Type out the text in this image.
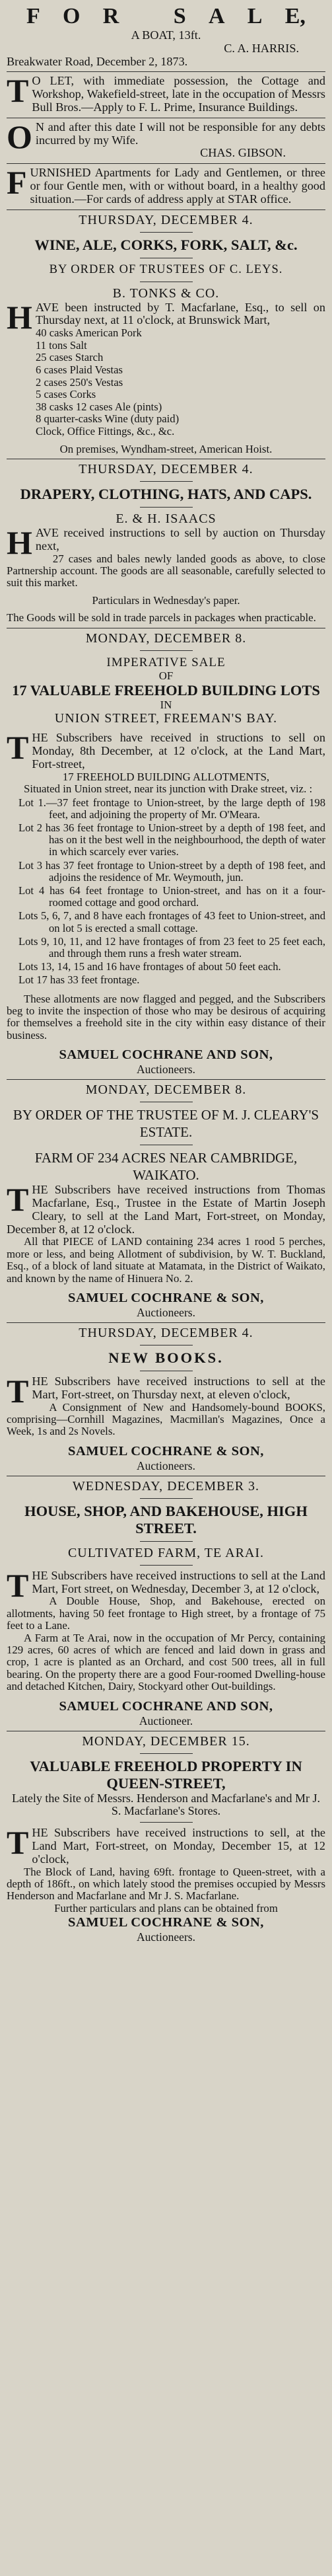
F O R S A L E,
A BOAT, 13ft.
C. A. HARRIS.
Breakwater Road, December 2, 1873.
T O LET, with immediate possession, the Cottage and Workshop, Wakefield-street, late in the occupation of Messrs Bull Bros.—Apply to F. L. Prime, Insurance Buildings.
O N and after this date I will not be responsible for any debts incurred by my Wife.
CHAS. GIBSON.
F URNISHED Apartments for Lady and Gentlemen, or three or four Gentle men, with or without board, in a healthy good situation.—For cards of address apply at STAR office.
THURSDAY, DECEMBER 4.
WINE, ALE, CORKS, FORK, SALT, &c.
BY ORDER OF TRUSTEES OF C. LEYS.
B. TONKS & CO.
H AVE been instructed by T. Macfarlane, Esq., to sell on Thursday next, at 11 o'clock, at Brunswick Mart,
40 casks American Pork
11 tons Salt
25 cases Starch
6 cases Plaid Vestas
2 cases 250's Vestas
5 cases Corks
38 casks 12 cases Ale (pints)
8 quarter-casks Wine (duty paid)
Clock, Office Fittings, &c., &c.
On premises, Wyndham-street, American Hoist.
THURSDAY, DECEMBER 4.
DRAPERY, CLOTHING, HATS, AND CAPS.
E. & H. ISAACS
H AVE received instructions to sell by auction on Thursday next,
27 cases and bales newly landed goods as above, to close Partnership account. The goods are all seasonable, carefully selected to suit this market.
Particulars in Wednesday's paper.
The Goods will be sold in trade parcels in packages when practicable.
MONDAY, DECEMBER 8.
IMPERATIVE SALE
OF
17 VALUABLE FREEHOLD BUILDING LOTS
IN
UNION STREET, FREEMAN'S BAY.
T HE Subscribers have received in structions to sell on Monday, 8th December, at 12 o'clock, at the Land Mart, Fort-street,
17 FREEHOLD BUILDING ALLOTMENTS,
Situated in Union street, near its junction with Drake street, viz. :
Lot 1.—37 feet frontage to Union-street, by the large depth of 198 feet, and adjoining the property of Mr. O'Meara.
Lot 2 has 36 feet frontage to Union-street by a depth of 198 feet, and has on it the best well in the neighbourhood, the depth of water in which scarcely ever varies.
Lot 3 has 37 feet frontage to Union-street by a depth of 198 feet, and adjoins the residence of Mr. Weymouth, jun.
Lot 4 has 64 feet frontage to Union-street, and has on it a four-roomed cottage and good orchard.
Lots 5, 6, 7, and 8 have each frontages of 43 feet to Union-street, and on lot 5 is erected a small cottage.
Lots 9, 10, 11, and 12 have frontages of from 23 feet to 25 feet each, and through them runs a fresh water stream.
Lots 13, 14, 15 and 16 have frontages of about 50 feet each.
Lot 17 has 33 feet frontage.
These allotments are now flagged and pegged, and the Subscribers beg to invite the inspection of those who may be desirous of acquiring for themselves a freehold site in the city within easy distance of their business.
SAMUEL COCHRANE AND SON,
Auctioneers.
MONDAY, DECEMBER 8.
BY ORDER OF THE TRUSTEE OF M. J. CLEARY'S ESTATE.
FARM OF 234 ACRES NEAR CAMBRIDGE, WAIKATO.
T HE Subscribers have received instructions from Thomas Macfarlane, Esq., Trustee in the Estate of Martin Joseph Cleary, to sell at the Land Mart, Fort-street, on Monday, December 8, at 12 o'clock.
All that PIECE of LAND containing 234 acres 1 rood 5 perches, more or less, and being Allotment of subdivision, by W. T. Buckland, Esq., of a block of land situate at Matamata, in the District of Waikato, and known by the name of Hinuera No. 2.
SAMUEL COCHRANE & SON,
Auctioneers.
THURSDAY, DECEMBER 4.
NEW BOOKS.
T HE Subscribers have received instructions to sell at the Mart, Fort-street, on Thursday next, at eleven o'clock,
A Consignment of New and Handsomely-bound BOOKS, comprising—Cornhill Magazines, Macmillan's Magazines, Once a Week, 1s and 2s Novels.
SAMUEL COCHRANE & SON,
Auctioneers.
WEDNESDAY, DECEMBER 3.
HOUSE, SHOP, AND BAKEHOUSE, HIGH STREET.
CULTIVATED FARM, TE ARAI.
T HE Subscribers have received instructions to sell at the Land Mart, Fort street, on Wednesday, December 3, at 12 o'clock,
A Double House, Shop, and Bakehouse, erected on allotments, having 50 feet frontage to High street, by a frontage of 75 feet to a Lane.
A Farm at Te Arai, now in the occupation of Mr Percy, containing 129 acres, 60 acres of which are fenced and laid down in grass and crop, 1 acre is planted as an Orchard, and cost 500 trees, all in full bearing. On the property there are a good Four-roomed Dwelling-house and detached Kitchen, Dairy, Stockyard other Out-buildings.
SAMUEL COCHRANE AND SON,
Auctioneer.
MONDAY, DECEMBER 15.
VALUABLE FREEHOLD PROPERTY IN QUEEN-STREET,
Lately the Site of Messrs. Henderson and Macfarlane's and Mr J. S. Macfarlane's Stores.
T HE Subscribers have received instructions to sell, at the Land Mart, Fort-street, on Monday, December 15, at 12 o'clock,
The Block of Land, having 69ft. frontage to Queen-street, with a depth of 186ft., on which lately stood the premises occupied by Messrs Henderson and Macfarlane and Mr J. S. Macfarlane.
Further particulars and plans can be obtained from
SAMUEL COCHRANE & SON,
Auctioneers.
